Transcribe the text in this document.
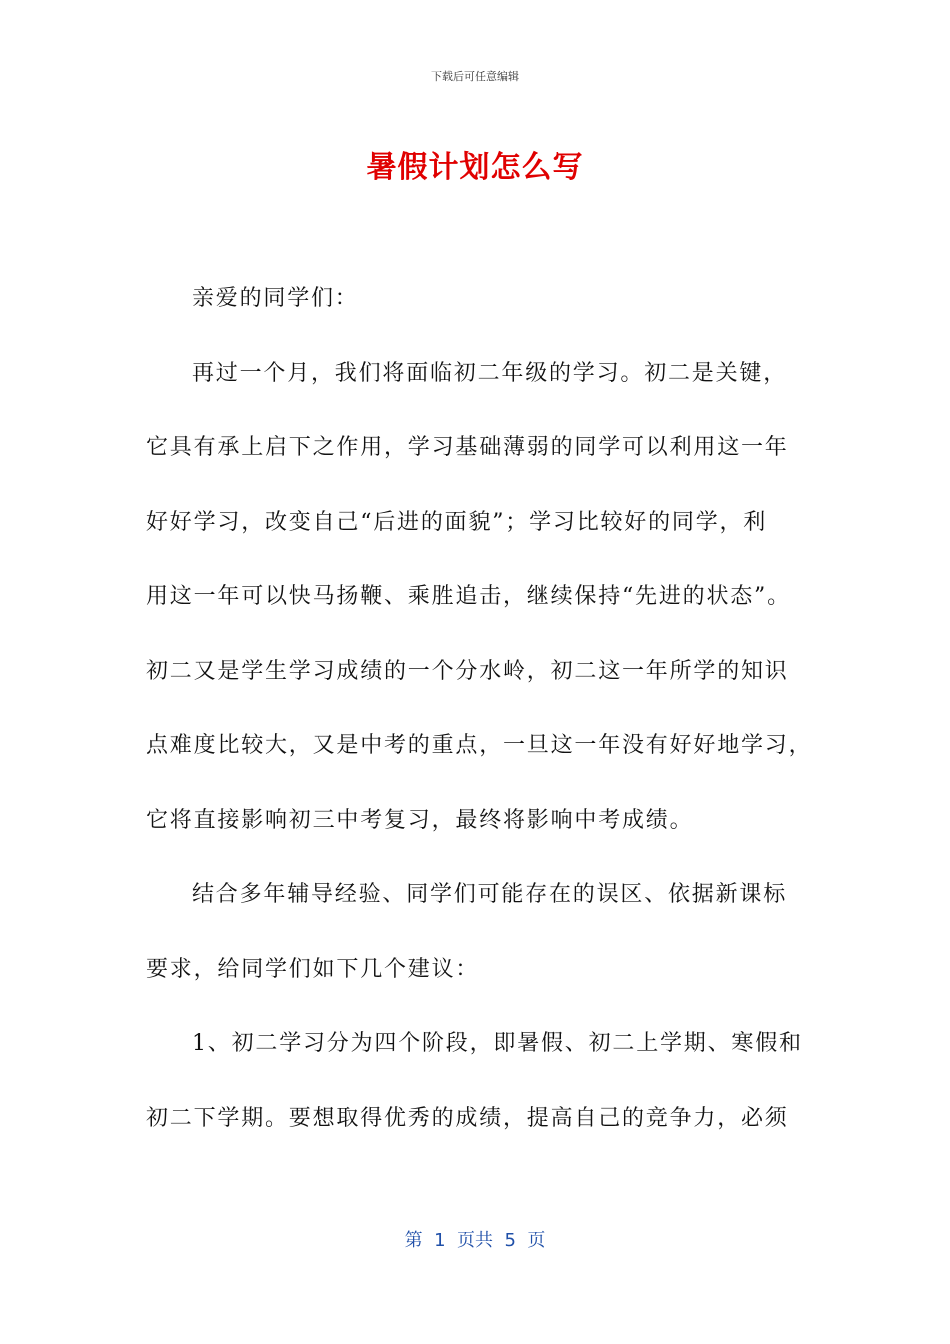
下载后可任意编辑
暑假计划怎么写
亲爱的同学们：
再过一个月，我们将面临初二年级的学习。初二是关键，
它具有承上启下之作用，学习基础薄弱的同学可以利用这一年
好好学习，改变自己“后进的面貌”；学习比较好的同学，利
用这一年可以快马扬鞭、乘胜追击，继续保持“先进的状态”。
初二又是学生学习成绩的一个分水岭，初二这一年所学的知识
点难度比较大，又是中考的重点，一旦这一年没有好好地学习，
它将直接影响初三中考复习，最终将影响中考成绩。
结合多年辅导经验、同学们可能存在的误区、依据新课标
要求，给同学们如下几个建议：
1、初二学习分为四个阶段，即暑假、初二上学期、寒假和
初二下学期。要想取得优秀的成绩，提高自己的竞争力，必须
第  1  页共  5  页
